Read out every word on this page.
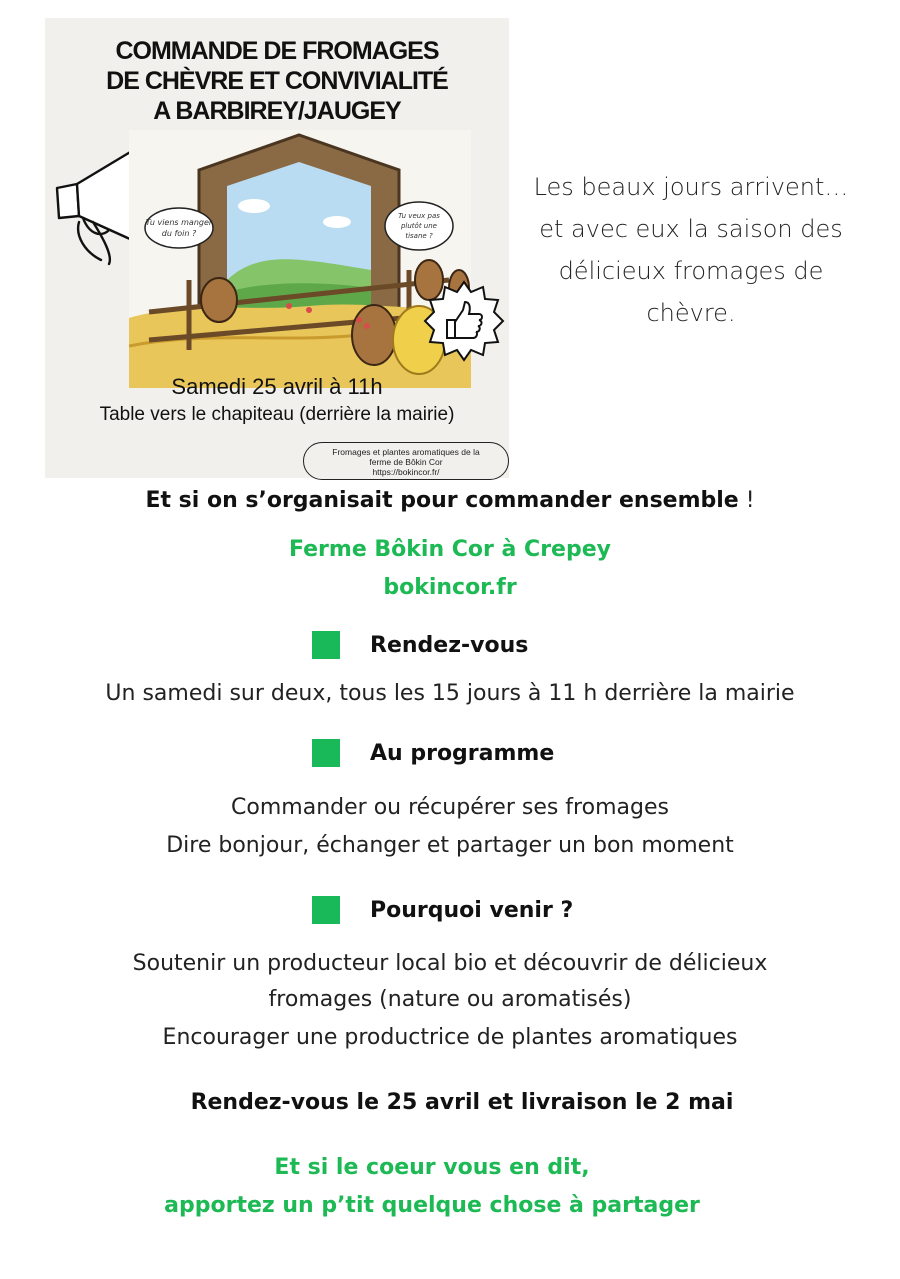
COMMANDE DE FROMAGES
DE CHÈVRE ET CONVIVIALITÉ
A BARBIREY/JAUGEY
Tu viens manger
du foin ?
Tu veux pas
plutôt une
tisane ?
Samedi 25 avril à 11h
Table vers le chapiteau (derrière la mairie)
Fromages et plantes aromatiques de la
ferme de Bôkin Cor
https://bokincor.fr/
Les beaux jours arrivent…
et avec eux la saison des
délicieux fromages de
chèvre.
Et si on s’organisait pour commander ensemble !
Ferme Bôkin Cor à Crepey
bokincor.fr
Rendez-vous
Un samedi sur deux, tous les 15 jours à 11 h derrière la mairie
Au programme
Commander ou récupérer ses fromages
Dire bonjour, échanger et partager un bon moment
Pourquoi venir ?
Soutenir un producteur local bio et découvrir de délicieux
fromages (nature ou aromatisés)
Encourager une productrice de plantes aromatiques
Rendez-vous le 25 avril et livraison le 2 mai
Et si le coeur vous en dit,
apportez un p’tit quelque chose à partager
